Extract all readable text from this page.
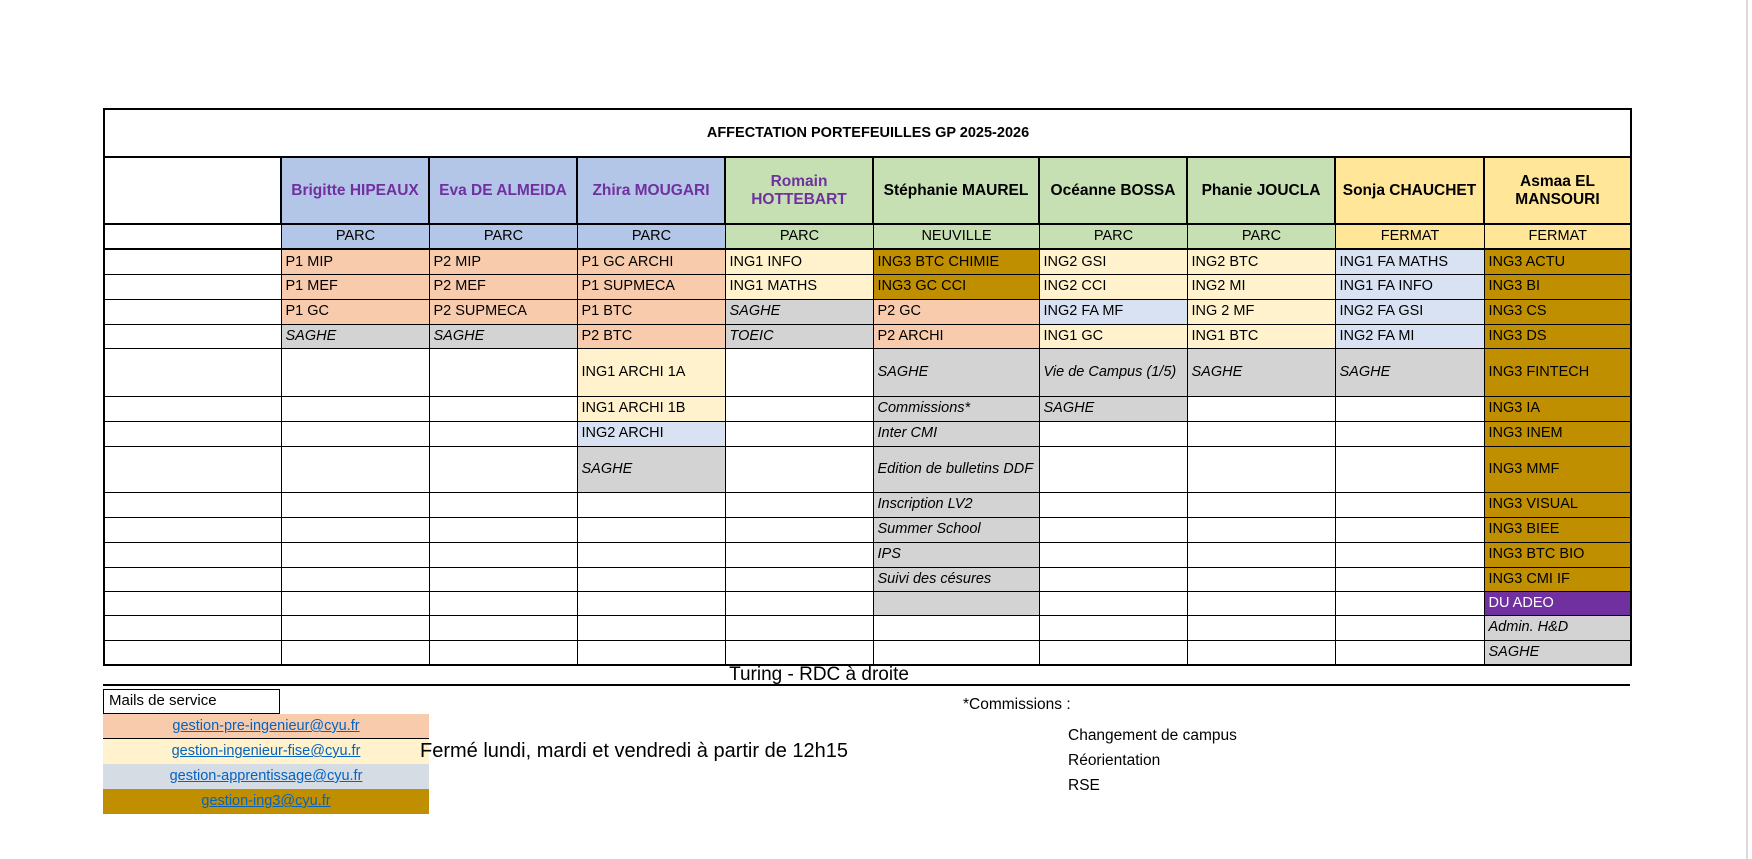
AFFECTATION PORTEFEUILLES GP 2025-2026									
	Brigitte HIPEAUX	Eva DE ALMEIDA	Zhira MOUGARI	Romain HOTTEBART	Stéphanie MAUREL	Océanne BOSSA	Phanie JOUCLA	Sonja CHAUCHET	Asmaa EL MANSOURI
	PARC	PARC	PARC	PARC	NEUVILLE	PARC	PARC	FERMAT	FERMAT
	P1 MIP	P2 MIP	P1 GC ARCHI	ING1 INFO	ING3 BTC CHIMIE	ING2 GSI	ING2 BTC	ING1 FA MATHS	ING3 ACTU
	P1 MEF	P2 MEF	P1 SUPMECA	ING1 MATHS	ING3 GC CCI	ING2 CCI	ING2 MI	ING1 FA INFO	ING3 BI
	P1 GC	P2 SUPMECA	P1 BTC	SAGHE	P2 GC	ING2 FA MF	ING 2 MF	ING2 FA GSI	ING3 CS
	SAGHE	SAGHE	P2 BTC	TOEIC	P2 ARCHI	ING1 GC	ING1 BTC	ING2 FA MI	ING3 DS
			ING1 ARCHI 1A		SAGHE	Vie de Campus (1/5)	SAGHE	SAGHE	ING3 FINTECH
			ING1 ARCHI 1B		Commissions*	SAGHE			ING3 IA
			ING2 ARCHI		Inter CMI				ING3 INEM
			SAGHE		Edition de bulletins DDF				ING3 MMF
					Inscription LV2				ING3 VISUAL
					Summer School				ING3 BIEE
					IPS				ING3 BTC BIO
					Suivi des césures				ING3 CMI IF
									DU ADEO
									Admin. H&D
									SAGHE
Turing - RDC à droite
Mails de service
gestion-pre-ingenieur@cyu.fr
gestion-ingenieur-fise@cyu.fr
gestion-apprentissage@cyu.fr
gestion-ing3@cyu.fr
Fermé lundi, mardi et vendredi à partir de 12h15
*Commissions :
Changement de campus
Réorientation
RSE
